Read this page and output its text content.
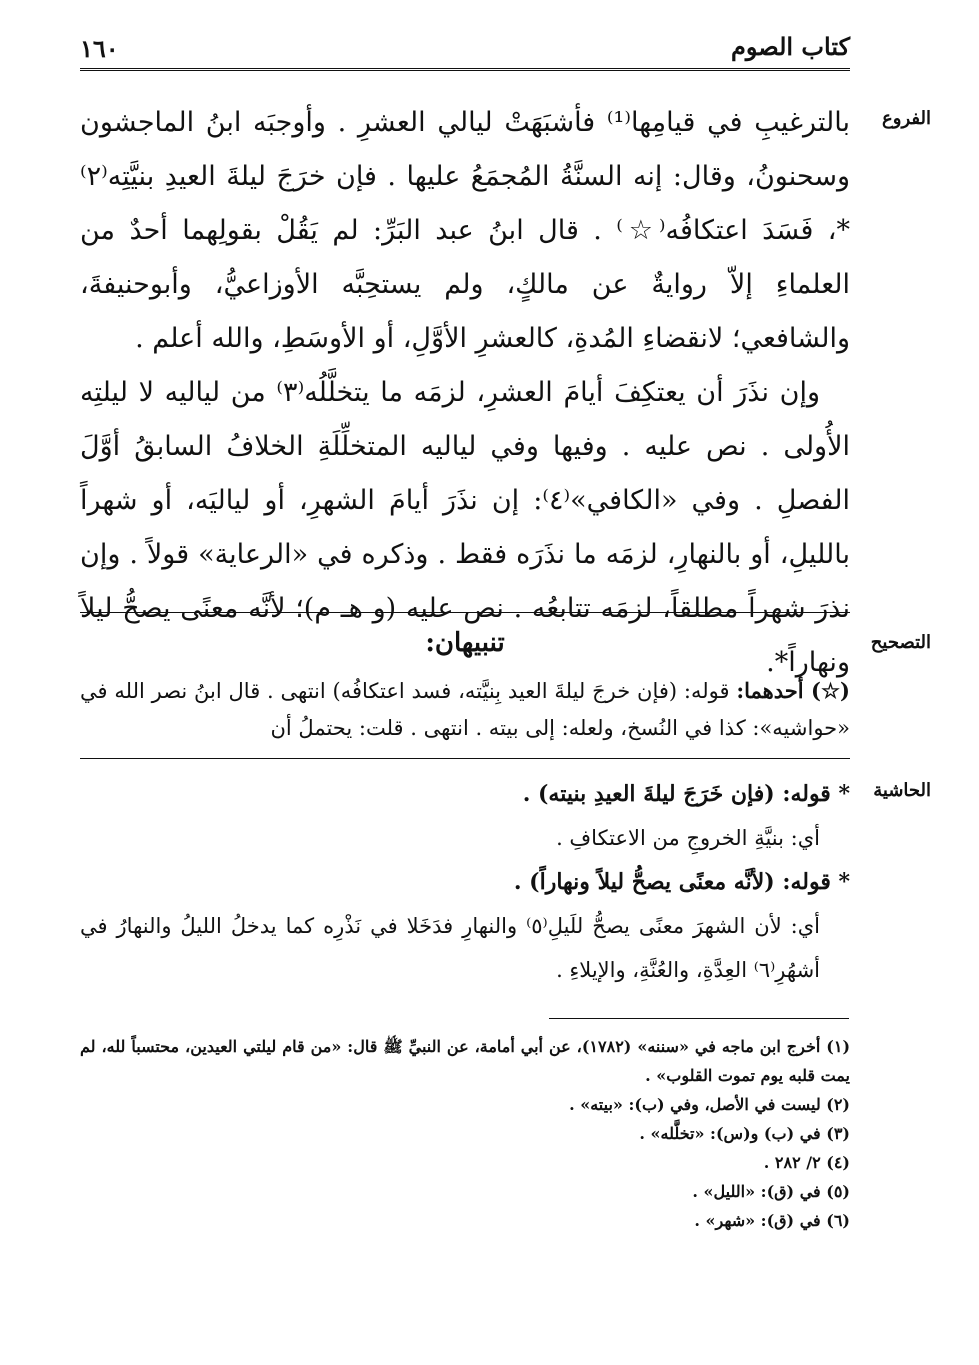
١٦٠	كتاب الصوم
الفروع

بالترغيبِ في قيامِها⁽¹⁾ فأشبَهَتْ ليالي العشرِ . وأوجبَه ابنُ الماجشون وسحنونُ، وقال: إنه السنَّةُ المُجمَعُ عليها . فإن خرَجَ ليلةَ العيدِ بنيَّتِه⁽٢⁾*، فَسَدَ اعتكافُه⁽☆⁾ . قال ابنُ عبد البَرِّ: لم يَقُلْ بقولِهما أحدٌ من العلماءِ إلاّ روايةٌ عن مالكٍ، ولم يستحِبَّه الأوزاعيُّ، وأبوحنيفةَ، والشافعي؛ لانقضاءِ المُدةِ، كالعشرِ الأوَّلِ، أو الأوسَطِ، والله أعلم .

وإن نذَرَ أن يعتكِفَ أيامَ العشرِ، لزمَه ما يتخلَّلُه⁽٣⁾ من لياليه لا ليلتِه الأُولى . نص عليه . وفيها وفي لياليه المتخلِّلَةِ الخلافُ السابقُ أوَّلَ الفصلِ . وفي «الكافي»⁽٤⁾: إن نذَرَ أيامَ الشهرِ، أو لياليَه، أو شهراً بالليلِ، أو بالنهارِ، لزمَه ما نذَرَه فقط . وذكره في «الرعاية» قولاً . وإن نذرَ شهراً مطلقاً، لزمَه تتابعُه . نص عليه (و هـ م)؛ لأنَّه معنًى يصحُّ ليلاً ونهاراً*.

التصحيح
تنبيهان:
(☆) أحدهما: قوله: (فإن خرجَ ليلةَ العيد بِنيَّته، فسد اعتكافُه) انتهى . قال ابنُ نصر الله في «حواشيه»: كذا في النُسخ، ولعله: إلى بيته . انتهى . قلت: يحتملُ أن
الحاشية

* قوله: (فإن خَرَجَ ليلةَ العيدِ بنيته) .

أي: بنيَّةِ الخروجِ من الاعتكافِ .

* قوله: (لأنَّه معنًى يصحُّ ليلاً ونهاراً) .

أي: لأن الشهرَ معنًى يصحُّ للَيلِ⁽٥⁾ والنهارِ فدَخَلا في نَذْرِه كما يدخلُ الليلُ والنهارُ في أشهُرِ⁽٦⁾ العِدَّةِ، والعُنَّةِ، والإيلاءِ .

(١) أخرج ابن ماجه في «سننه» (١٧٨٢)، عن أبي أمامة، عن النبيِّ ﷺ قال: «من قام ليلتي العيدين، محتسباً لله، لم يمت قلبه يوم تموت القلوب» .

(٢) ليست في الأصل، وفي (ب): «بيته» .

(٣) في (ب) و(س): «تخلَّله» .

(٤) ٢/ ٢٨٢ .

(٥) في (ق): «الليل» .

(٦) في (ق): «شهر» .
